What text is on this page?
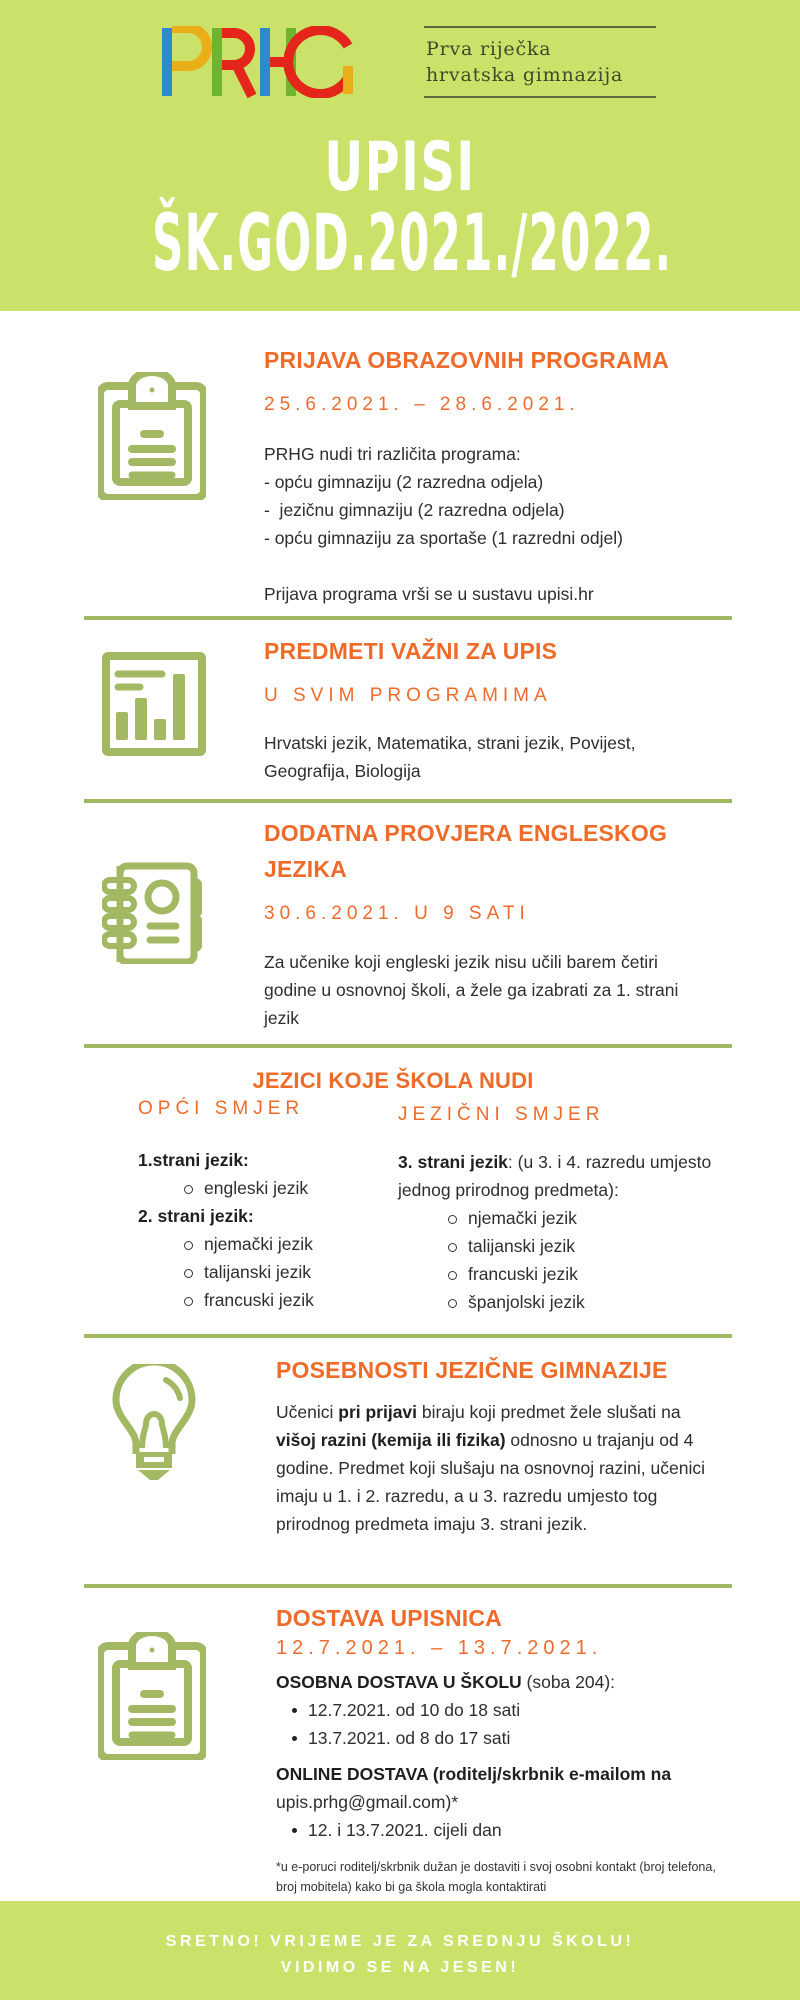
Prva riječka
hrvatska gimnazija
UPISI
ŠK.GOD.2021./2022.
PRIJAVA OBRAZOVNIH PROGRAMA
25.6.2021. – 28.6.2021.
PRHG nudi tri različita programa:
- opću gimnaziju (2 razredna odjela)
-  jezičnu gimnaziju (2 razredna odjela)
- opću gimnaziju za sportaše (1 razredni odjel)
Prijava programa vrši se u sustavu upisi.hr
PREDMETI VAŽNI ZA UPIS
U SVIM PROGRAMIMA
Hrvatski jezik, Matematika, strani jezik, Povijest, Geografija, Biologija
DODATNA PROVJERA ENGLESKOG
JEZIKA
30.6.2021. U 9 SATI
Za učenike koji engleski jezik nisu učili barem četiri godine u osnovnoj školi, a žele ga izabrati za 1. strani jezik
JEZICI KOJE ŠKOLA NUDI
OPĆI SMJER	JEZIČNI SMJER
1.strani jezik:
engleski jezik
2. strani jezik:
njemački jezik
talijanski jezik
francuski jezik
3. strani jezik: (u 3. i 4. razredu umjesto jednog prirodnog predmeta):
njemački jezik
talijanski jezik
francuski jezik
španjolski jezik
POSEBNOSTI JEZIČNE GIMNAZIJE
Učenici pri prijavi biraju koji predmet žele slušati na višoj razini (kemija ili fizika) odnosno u trajanju od 4 godine. Predmet koji slušaju na osnovnoj razini, učenici imaju u 1. i 2. razredu, a u 3. razredu umjesto tog prirodnog predmeta imaju 3. strani jezik.
DOSTAVA UPISNICA
12.7.2021. – 13.7.2021.
OSOBNA DOSTAVA U ŠKOLU (soba 204):
12.7.2021. od 10 do 18 sati
13.7.2021. od 8 do 17 sati
ONLINE DOSTAVA (roditelj/skrbnik e-mailom na
upis.prhg@gmail.com)*
12. i 13.7.2021. cijeli dan
*u e-poruci roditelj/skrbnik dužan je dostaviti i svoj osobni kontakt (broj telefona, broj mobitela) kako bi ga škola mogla kontaktirati

SRETNO! VRIJEME JE ZA SREDNJU ŠKOLU!

VIDIMO SE NA JESEN!
